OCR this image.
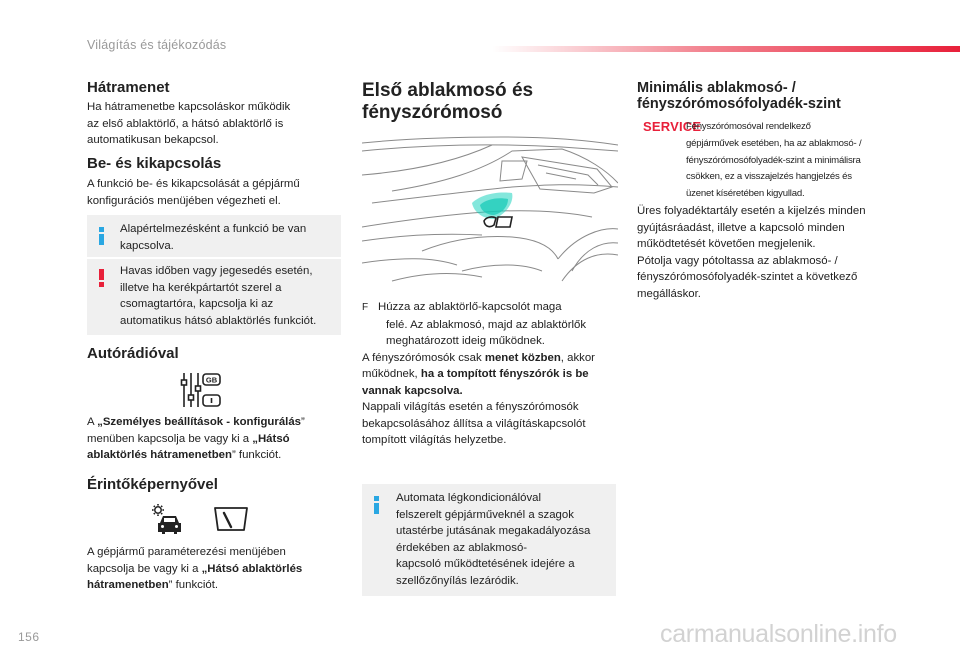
Világítás és tájékozódás
Hátramenet
Ha hátramenetbe kapcsoláskor működik
az első ablaktörlő, a hátsó ablaktörlő is
automatikusan bekapcsol.
Be- és kikapcsolás
A funkció be- és kikapcsolását a gépjármű
konfigurációs menüjében végezheti el.
Alapértelmezésként a funkció be van
kapcsolva.
Havas időben vagy jegesedés esetén,
illetve ha kerékpártartót szerel a
csomagtartóra, kapcsolja ki az
automatikus hátsó ablaktörlés funkciót.
Autórádióval
GB
A „Személyes beállítások - konfigurálás”
menüben kapcsolja be vagy ki a „Hátsó
ablaktörlés hátramenetben” funkciót.
Érintőképernyővel
A gépjármű paraméterezési menüjében
kapcsolja be vagy ki a „Hátsó ablaktörlés
hátramenetben” funkciót.
Első ablakmosó és
fényszórómosó
F Húzza az ablaktörlő-kapcsolót maga
felé. Az ablakmosó, majd az ablaktörlők
meghatározott ideig működnek.
A fényszórómosók csak menet közben, akkor
működnek, ha a tompított fényszórók is be
vannak kapcsolva.
Nappali világítás esetén a fényszórómosók
bekapcsolásához állítsa a világításkapcsolót
tompított világítás helyzetbe.
Automata légkondicionálóval
felszerelt gépjárműveknél a szagok
utastérbe jutásának megakadályozása
érdekében az ablakmosó-
kapcsoló működtetésének idejére a
szellőzőnyílás lezáródik.
Minimális ablakmosó- /
fényszórómosófolyadék-szint
SERVICE
Fényszórómosóval rendelkező
gépjárművek esetében, ha az ablakmosó- /
fényszórómosófolyadék-szint a minimálisra
csökken, ez a visszajelzés hangjelzés és
üzenet kíséretében kigyullad.
Üres folyadéktartály esetén a kijelzés minden
gyújtásráadást, illetve a kapcsoló minden
működtetését követően megjelenik.
Pótolja vagy pótoltassa az ablakmosó- /
fényszórómosófolyadék-szintet a következő
megálláskor.
156	carmanualsonline.info
